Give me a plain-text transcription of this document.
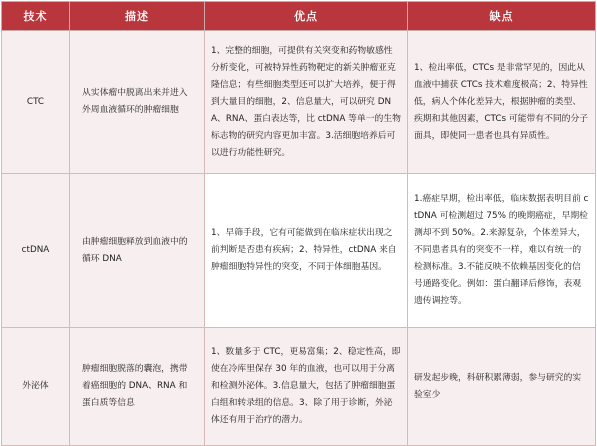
技术	描述	优点	缺点
CTC	从实体瘤中脱离出来并进入外周血液循环的肿瘤细胞	1、完整的细胞，可提供有关突变和药物敏感性分析变化，可被特异性药物靶定的新关肿瘤亚克隆信息；有些细胞类型还可以扩大培养，便于得到大量目的细胞，2、信息量大，可以研究 DNA、RNA、蛋白表达等，比 ctDNA 等单一的生物标志物的研究内容更加丰富。3.活细胞培养后可以进行功能性研究。	1、检出率低，CTCs 是非常罕见的，因此从血液中捕获 CTCs 技术难度极高；2、特异性低，病人个体化差异大，根据肿瘤的类型、疾期和其他因素，CTCs 可能带有不同的分子面具，即使同一患者也具有异质性。
ctDNA	由肿瘤细胞释放到血液中的循环 DNA	1、早筛手段，它有可能做到在临床症状出现之前判断是否患有疾病；2、特异性，ctDNA 来自肿瘤细胞特异性的突变，不同于体细胞基因。	1.癌症早期，检出率低，临床数据表明目前 ctDNA 可检测超过 75% 的晚期癌症，早期检测却不到 50%。2.来源复杂，个体差异大，不同患者具有的突变不一样，难以有统一的检测标准。3.不能反映不依赖基因变化的信号通路变化。例如：蛋白翻译后修饰，表观遗传调控等。
外泌体	肿瘤细胞脱落的囊泡，携带着癌细胞的 DNA、RNA 和蛋白质等信息	1、数量多于 CTC，更易富集；2、稳定性高，即使在冷库里保存 30 年的血液，也可以用于分离和检测外泌体。3.信息量大，包括了肿瘤细胞蛋白组和转录组的信息。3、除了用于诊断，外泌体还有用于治疗的潜力。	研发起步晚，科研积累薄弱，参与研究的实验室少
